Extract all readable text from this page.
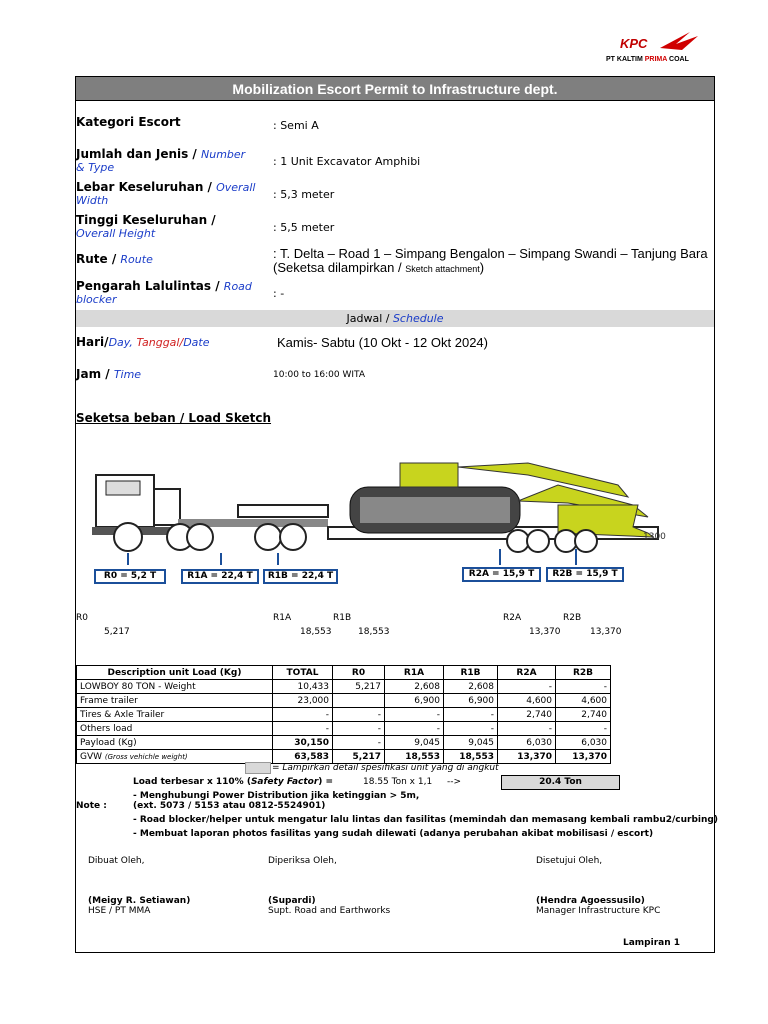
KPC
PT KALTIM PRIMA COAL
Mobilization Escort Permit to Infrastructure dept.
Kategori Escort	: Semi A
Jumlah dan Jenis / Number & Type	: 1 Unit Excavator Amphibi
Lebar Keseluruhan / Overall Width	: 5,3 meter
Tinggi Keseluruhan / Overall Height	: 5,5 meter
Rute / Route	: T. Delta – Road 1 – Simpang Bengalon – Simpang Swandi – Tanjung Bara (Seketsa dilampirkan / Sketch attachment)
Pengarah Lalulintas / Road blocker	: -
Jadwal / Schedule
Hari/Day, Tanggal/Date	Kamis- Sabtu (10 Okt - 12 Okt 2024)
Jam / Time	10:00 to 16:00 WITA
Seketsa beban / Load Sketch
1300
R0 = 5,2 T	R1A = 22,4 T	R1B = 22,4 T	R2A = 15,9 T	R2B = 15,9 T
R0	R1A	R1B	R2A	R2B
5,217	18,553	18,553	13,370	13,370
Description unit Load (Kg)	TOTAL	R0	R1A	R1B	R2A	R2B
LOWBOY 80 TON - Weight	10,433	5,217	2,608	2,608	-	-
Frame trailer	23,000		6,900	6,900	4,600	4,600
Tires & Axle Trailer	-	-	-	-	2,740	2,740
Others load	-	-	-	-	-	-
Payload (Kg)	30,150	-	9,045	9,045	6,030	6,030
GVW (Gross vehichle weight)	63,583	5,217	18,553	18,553	13,370	13,370
= Lampirkan detail spesifikasi unit yang di angkut
Load terbesar x 110% (Safety Factor) =	18.55 Ton x 1,1 -->	20.4 Ton
Note :
- Menghubungi Power Distribution jika ketinggian > 5m,
(ext. 5073 / 5153 atau 0812-5524901)
- Road blocker/helper untuk mengatur lalu lintas dan fasilitas (memindah dan memasang kembali rambu2/curbing)
- Membuat laporan photos fasilitas yang sudah dilewati (adanya perubahan akibat mobilisasi / escort)
Dibuat Oleh,	Diperiksa Oleh,	Disetujui Oleh,
(Meigy R. Setiawan)	(Supardi)	(Hendra Agoessusilo)
HSE / PT MMA	Supt. Road and Earthworks	Manager Infrastructure KPC
Lampiran 1
